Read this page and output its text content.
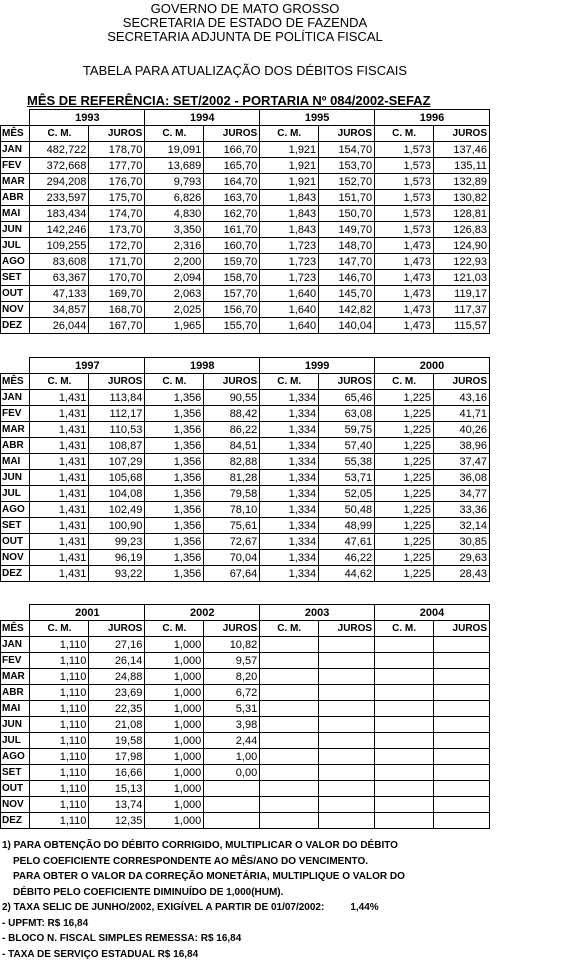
GOVERNO DE MATO GROSSO
SECRETARIA DE ESTADO DE FAZENDA
SECRETARIA ADJUNTA DE POLÍTICA FISCAL
TABELA PARA ATUALIZAÇÃO DOS DÉBITOS FISCAIS
MÊS DE REFERÊNCIA: SET/2002 - PORTARIA Nº 084/2002-SEFAZ
	1993		1994		1995		1996	
MÊS	C. M.	JUROS	C. M.	JUROS	C. M.	JUROS	C. M.	JUROS
JAN	482,722	178,70	19,091	166,70	1,921	154,70	1,573	137,46
FEV	372,668	177,70	13,689	165,70	1,921	153,70	1,573	135,11
MAR	294,208	176,70	9,793	164,70	1,921	152,70	1,573	132,89
ABR	233,597	175,70	6,826	163,70	1,843	151,70	1,573	130,82
MAI	183,434	174,70	4,830	162,70	1,843	150,70	1,573	128,81
JUN	142,246	173,70	3,350	161,70	1,843	149,70	1,573	126,83
JUL	109,255	172,70	2,316	160,70	1,723	148,70	1,473	124,90
AGO	83,608	171,70	2,200	159,70	1,723	147,70	1,473	122,93
SET	63,367	170,70	2,094	158,70	1,723	146,70	1,473	121,03
OUT	47,133	169,70	2,063	157,70	1,640	145,70	1,473	119,17
NOV	34,857	168,70	2,025	156,70	1,640	142,82	1,473	117,37
DEZ	26,044	167,70	1,965	155,70	1,640	140,04	1,473	115,57
	1997		1998		1999		2000	
MÊS	C. M.	JUROS	C. M.	JUROS	C. M.	JUROS	C. M.	JUROS
JAN	1,431	113,84	1,356	90,55	1,334	65,46	1,225	43,16
FEV	1,431	112,17	1,356	88,42	1,334	63,08	1,225	41,71
MAR	1,431	110,53	1,356	86,22	1,334	59,75	1,225	40,26
ABR	1,431	108,87	1,356	84,51	1,334	57,40	1,225	38,96
MAI	1,431	107,29	1,356	82,88	1,334	55,38	1,225	37,47
JUN	1,431	105,68	1,356	81,28	1,334	53,71	1,225	36,08
JUL	1,431	104,08	1,356	79,58	1,334	52,05	1,225	34,77
AGO	1,431	102,49	1,356	78,10	1,334	50,48	1,225	33,36
SET	1,431	100,90	1,356	75,61	1,334	48,99	1,225	32,14
OUT	1,431	99,23	1,356	72,67	1,334	47,61	1,225	30,85
NOV	1,431	96,19	1,356	70,04	1,334	46,22	1,225	29,63
DEZ	1,431	93,22	1,356	67,64	1,334	44,62	1,225	28,43
	2001		2002		2003		2004	
MÊS	C. M.	JUROS	C. M.	JUROS	C. M.	JUROS	C. M.	JUROS
JAN	1,110	27,16	1,000	10,82				
FEV	1,110	26,14	1,000	9,57				
MAR	1,110	24,88	1,000	8,20				
ABR	1,110	23,69	1,000	6,72				
MAI	1,110	22,35	1,000	5,31				
JUN	1,110	21,08	1,000	3,98				
JUL	1,110	19,58	1,000	2,44				
AGO	1,110	17,98	1,000	1,00				
SET	1,110	16,66	1,000	0,00				
OUT	1,110	15,13	1,000					
NOV	1,110	13,74	1,000					
DEZ	1,110	12,35	1,000					
1) PARA OBTENÇÃO DO DÉBITO CORRIGIDO, MULTIPLICAR O VALOR DO DÉBITO
PELO COEFICIENTE CORRESPONDENTE AO MÊS/ANO DO VENCIMENTO.
PARA OBTER O VALOR DA CORREÇÃO MONETÁRIA, MULTIPLIQUE O VALOR DO
DÉBITO PELO COEFICIENTE DIMINUÍDO DE 1,000(HUM).
2) TAXA SELIC DE JUNHO/2002, EXIGÍVEL A PARTIR DE 01/07/2002:	1,44%
- UPFMT: R$ 16,84
- BLOCO N. FISCAL SIMPLES REMESSA: R$ 16,84
- TAXA DE SERVIÇO ESTADUAL R$ 16,84
